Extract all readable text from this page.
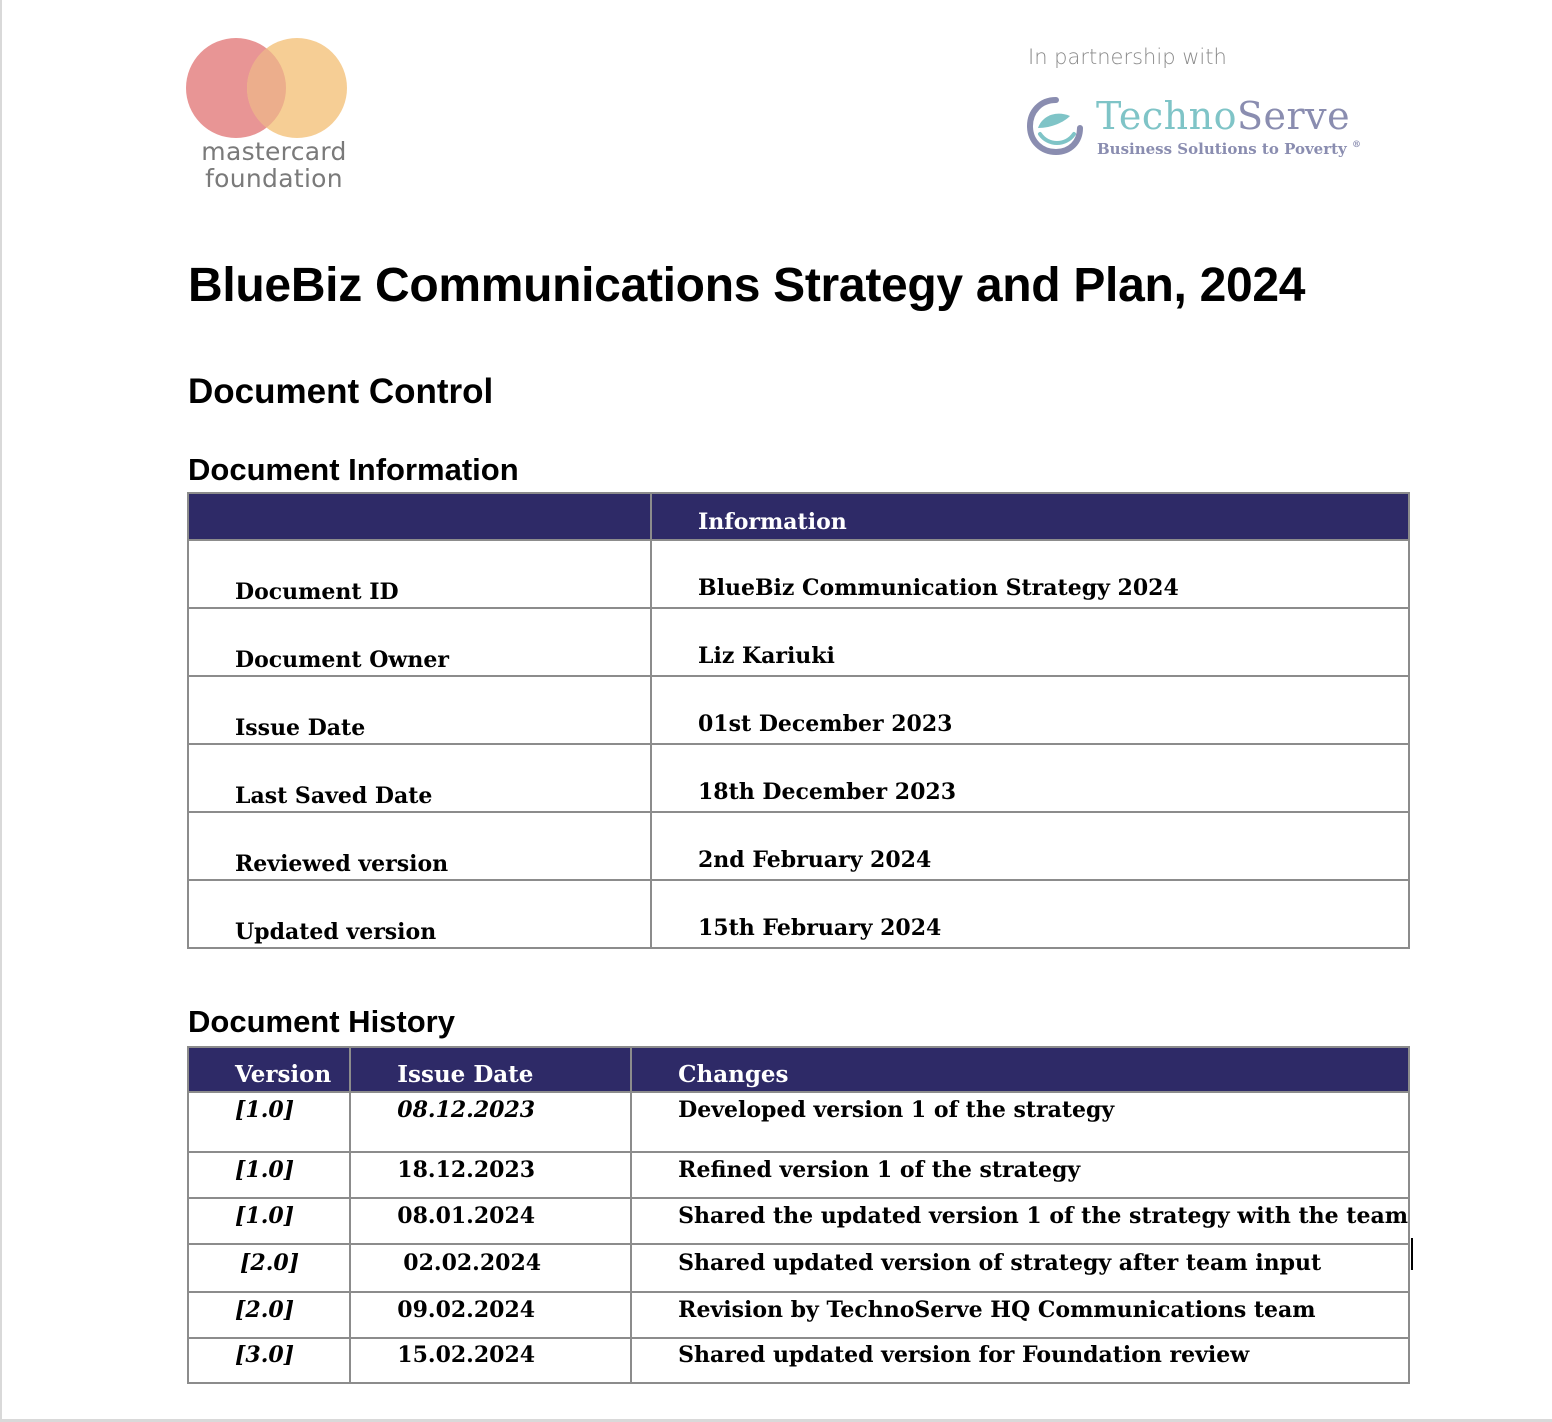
mastercard
foundation
In partnership with
TechnoServe
Business Solutions to Poverty ®
BlueBiz Communications Strategy and Plan, 2024
Document Control
Document Information
	Information
Document ID	BlueBiz Communication Strategy 2024
Document Owner	Liz Kariuki
Issue Date	01st December 2023
Last Saved Date	18th December 2023
Reviewed version	2nd February 2024
Updated version	15th February 2024
Document History
Version	Issue Date	Changes
[1.0]	08.12.2023	Developed version 1 of the strategy
[1.0]	18.12.2023	Refined version 1 of the strategy
[1.0]	08.01.2024	Shared the updated version 1 of the strategy with the team
[2.0]	02.02.2024	Shared updated version of strategy after team input
[2.0]	09.02.2024	Revision by TechnoServe HQ Communications team
[3.0]	15.02.2024	Shared updated version for Foundation review
